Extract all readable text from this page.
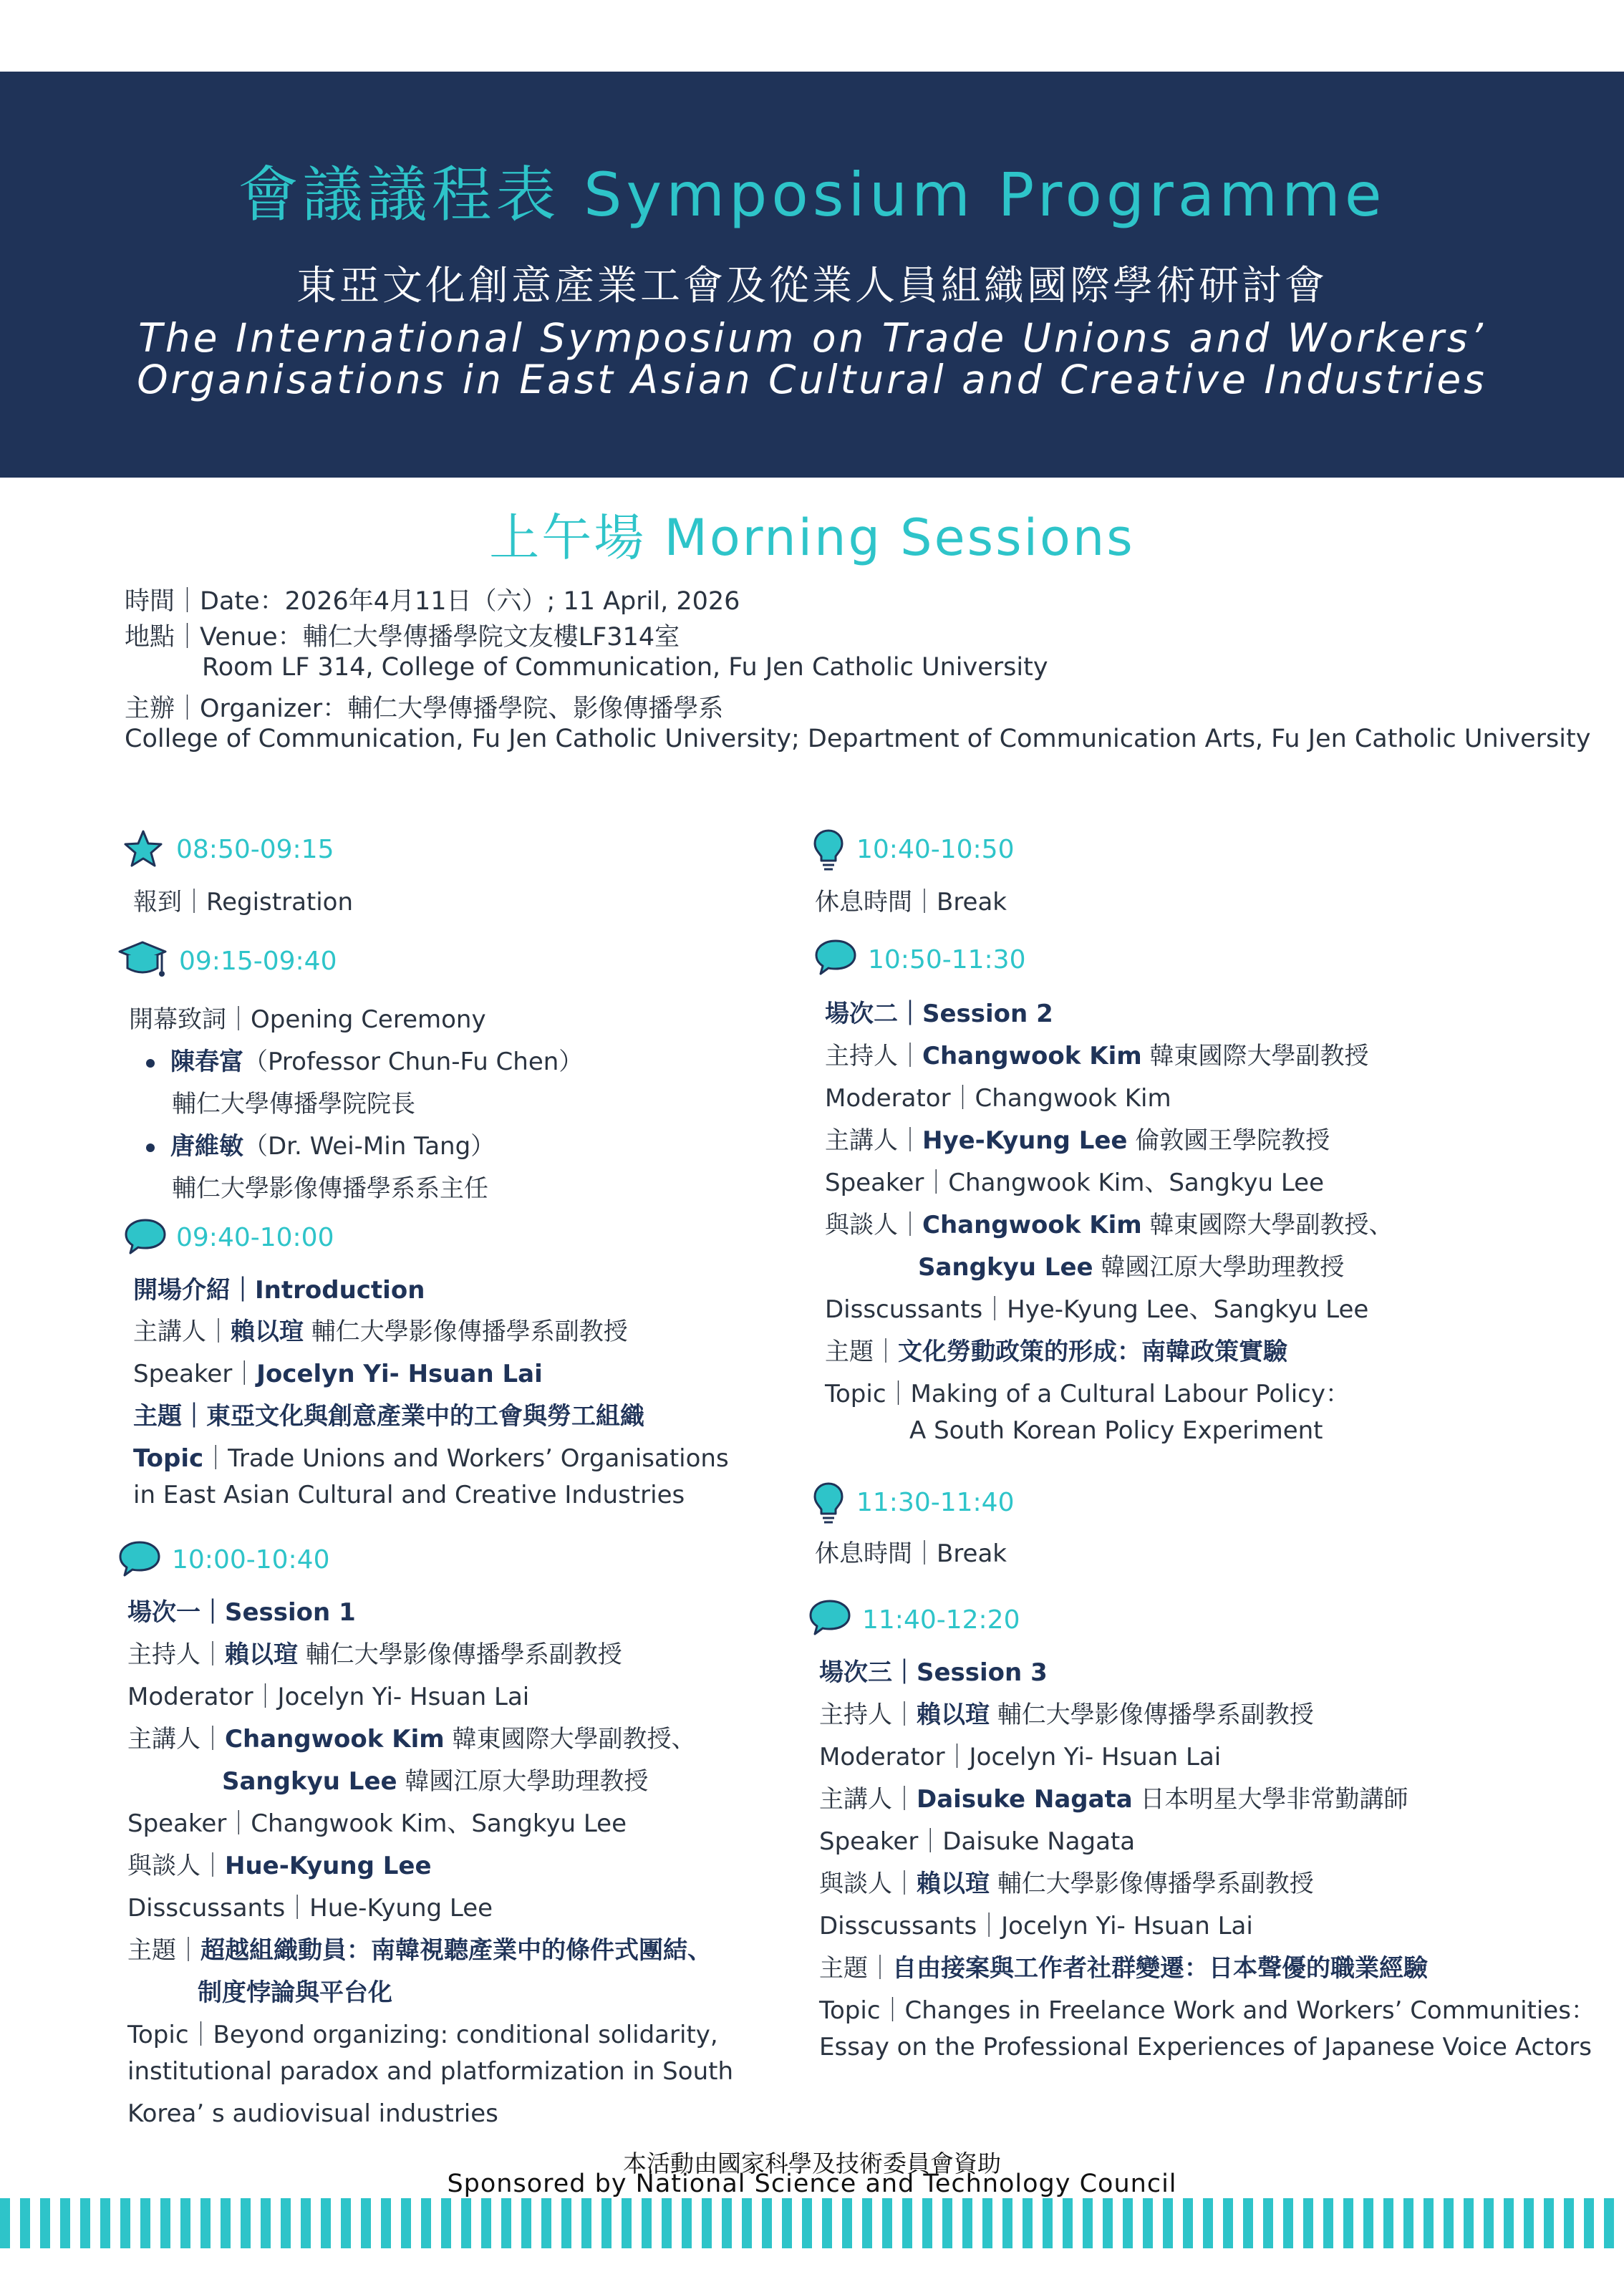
會議議程表 Symposium Programme
東亞文化創意產業工會及從業人員組織國際學術研討會
The International Symposium on Trade Unions and Workers’
Organisations in East Asian Cultural and Creative Industries
上午場 Morning Sessions
時間｜Date：2026年4月11日（六）; 11 April, 2026
地點｜Venue：輔仁大學傳播學院文友樓LF314室
Room LF 314, College of Communication, Fu Jen Catholic University
主辦｜Organizer：輔仁大學傳播學院、影像傳播學系
College of Communication, Fu Jen Catholic University; Department of Communication Arts, Fu Jen Catholic University
08:50-09:15
報到｜Registration
09:15-09:40
開幕致詞｜Opening Ceremony
陳春富（Professor Chun-Fu Chen）
輔仁大學傳播學院院長
唐維敏（Dr. Wei-Min Tang）
輔仁大學影像傳播學系系主任
09:40-10:00
開場介紹｜Introduction
主講人｜賴以瑄 輔仁大學影像傳播學系副教授
Speaker｜Jocelyn Yi- Hsuan Lai
主題｜東亞文化與創意產業中的工會與勞工組織
Topic｜Trade Unions and Workers’ Organisations
in East Asian Cultural and Creative Industries
10:00-10:40
場次一｜Session 1
主持人｜賴以瑄 輔仁大學影像傳播學系副教授
Moderator｜Jocelyn Yi- Hsuan Lai
主講人｜Changwook Kim 韓東國際大學副教授、
Sangkyu Lee 韓國江原大學助理教授
Speaker｜Changwook Kim、Sangkyu Lee
與談人｜Hue-Kyung Lee
Disscussants｜Hue-Kyung Lee
主題｜超越組織動員：南韓視聽產業中的條件式團結、
制度悖論與平台化
Topic｜Beyond organizing: conditional solidarity,
institutional paradox and platformization in South
Korea’ s audiovisual industries
10:40-10:50
休息時間｜Break
10:50-11:30
場次二｜Session 2
主持人｜Changwook Kim 韓東國際大學副教授
Moderator｜Changwook Kim
主講人｜Hye-Kyung Lee 倫敦國王學院教授
Speaker｜Changwook Kim、Sangkyu Lee
與談人｜Changwook Kim 韓東國際大學副教授、
Sangkyu Lee 韓國江原大學助理教授
Disscussants｜Hye-Kyung Lee、Sangkyu Lee
主題｜文化勞動政策的形成：南韓政策實驗
Topic｜Making of a Cultural Labour Policy：
A South Korean Policy Experiment
11:30-11:40
休息時間｜Break
11:40-12:20
場次三｜Session 3
主持人｜賴以瑄 輔仁大學影像傳播學系副教授
Moderator｜Jocelyn Yi- Hsuan Lai
主講人｜Daisuke Nagata 日本明星大學非常勤講師
Speaker｜Daisuke Nagata
與談人｜賴以瑄 輔仁大學影像傳播學系副教授
Disscussants｜Jocelyn Yi- Hsuan Lai
主題｜自由接案與工作者社群變遷：日本聲優的職業經驗
Topic｜Changes in Freelance Work and Workers’ Communities：
Essay on the Professional Experiences of Japanese Voice Actors
本活動由國家科學及技術委員會資助
Sponsored by National Science and Technology Council
